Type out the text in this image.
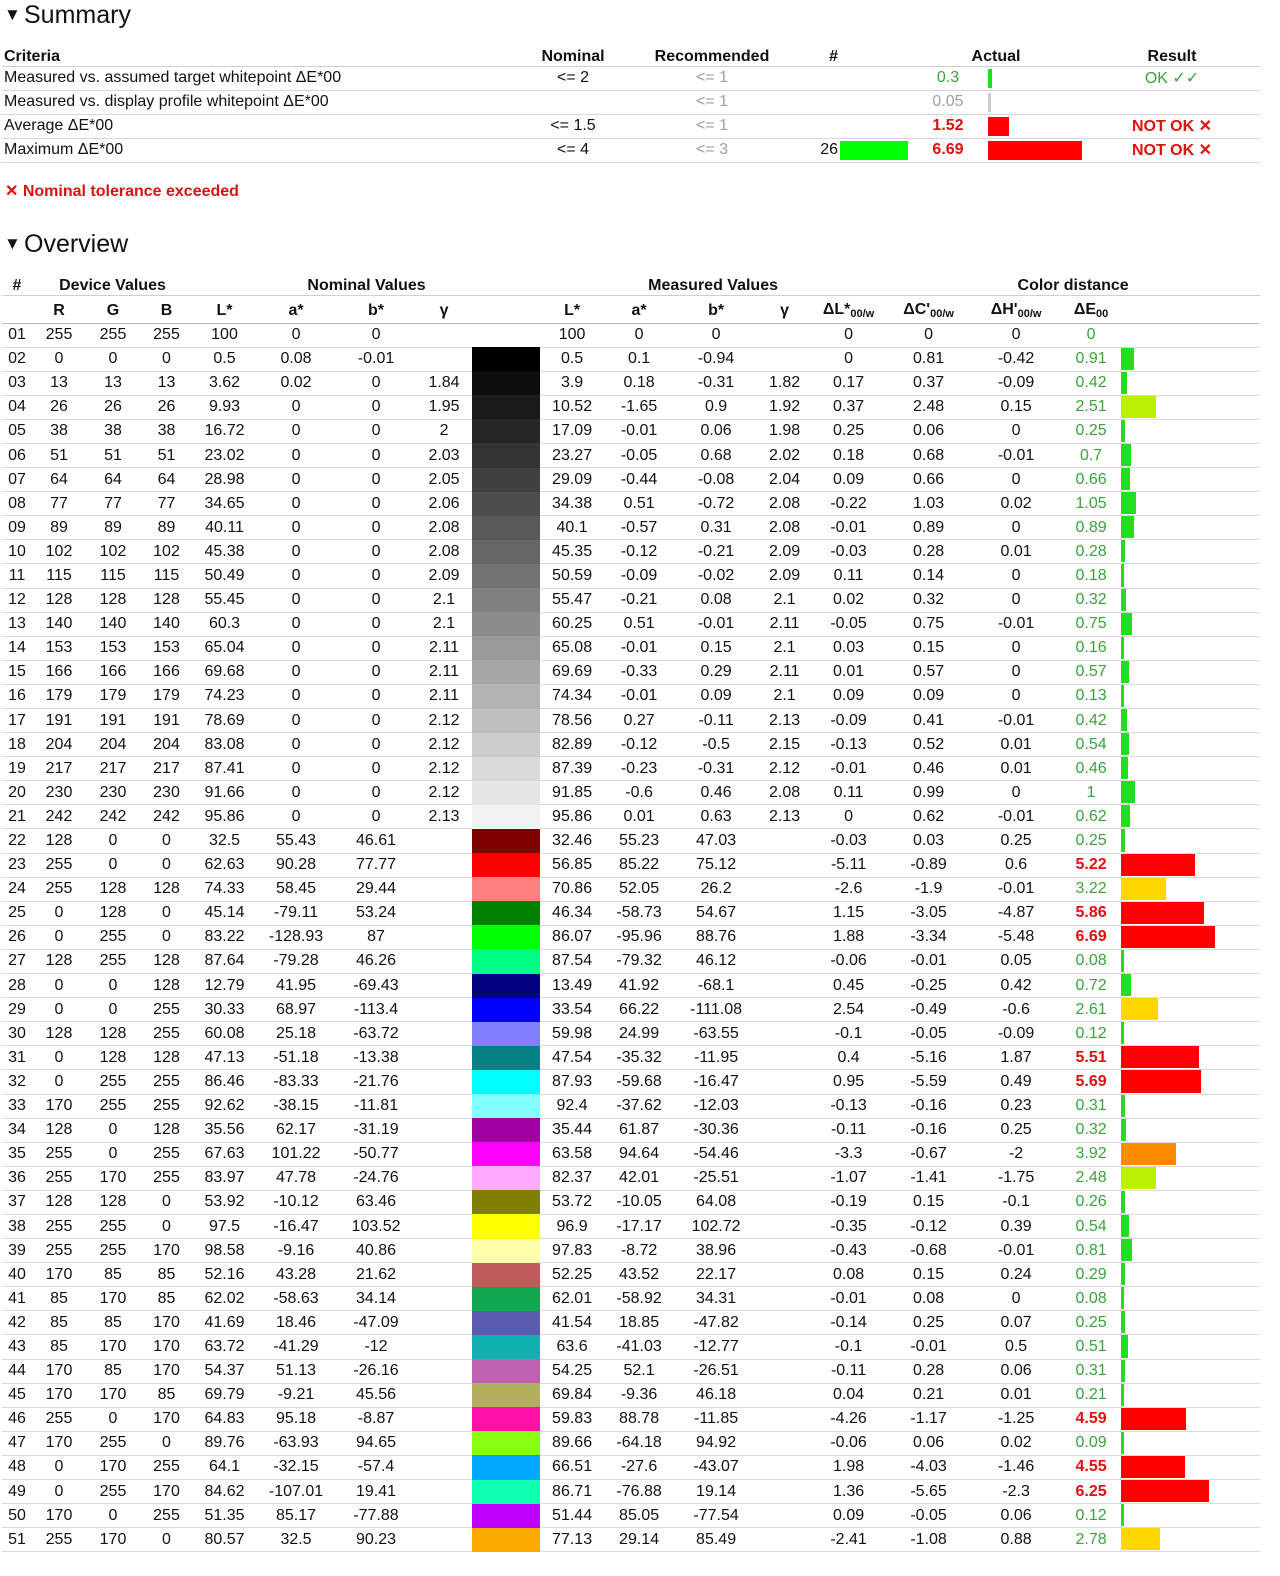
▼ Summary
Criteria	Nominal	Recommended	#		Actual		Result
Measured vs. assumed target whitepoint ΔE*00	<= 2	<= 1			0.3		OK ✓✓
Measured vs. display profile whitepoint ΔE*00		<= 1			0.05	

Average ΔE*00	<= 1.5	<= 1			1.52		NOT OK ✕
Maximum ΔE*00	<= 4	<= 3	26		6.69		NOT OK ✕
✕ Nominal tolerance exceeded
▼ Overview
#	Device Values			Nominal Values					Measured Values					Color distance			
	R	G	B	L*	a*	b*	γ		L*	a*	b*	γ	$\Delta L*_{00/w}$	$\Delta C'_{00/w}$	$\Delta H'_{00/w}$	$\Delta E_{00}$	
01	255	255	255	100	0	0			100	0	0		0	0	0	0	
02	0	0	0	0.5	0.08	-0.01			0.5	0.1	-0.94		0	0.81	-0.42	0.91	

03	13	13	13	3.62	0.02	0	1.84		3.9	0.18	-0.31	1.82	0.17	0.37	-0.09	0.42	

04	26	26	26	9.93	0	0	1.95		10.52	-1.65	0.9	1.92	0.37	2.48	0.15	2.51	

05	38	38	38	16.72	0	0	2		17.09	-0.01	0.06	1.98	0.25	0.06	0	0.25	

06	51	51	51	23.02	0	0	2.03		23.27	-0.05	0.68	2.02	0.18	0.68	-0.01	0.7	

07	64	64	64	28.98	0	0	2.05		29.09	-0.44	-0.08	2.04	0.09	0.66	0	0.66	

08	77	77	77	34.65	0	0	2.06		34.38	0.51	-0.72	2.08	-0.22	1.03	0.02	1.05	

09	89	89	89	40.11	0	0	2.08		40.1	-0.57	0.31	2.08	-0.01	0.89	0	0.89	

10	102	102	102	45.38	0	0	2.08		45.35	-0.12	-0.21	2.09	-0.03	0.28	0.01	0.28	

11	115	115	115	50.49	0	0	2.09		50.59	-0.09	-0.02	2.09	0.11	0.14	0	0.18	

12	128	128	128	55.45	0	0	2.1		55.47	-0.21	0.08	2.1	0.02	0.32	0	0.32	

13	140	140	140	60.3	0	0	2.1		60.25	0.51	-0.01	2.11	-0.05	0.75	-0.01	0.75	

14	153	153	153	65.04	0	0	2.11		65.08	-0.01	0.15	2.1	0.03	0.15	0	0.16	

15	166	166	166	69.68	0	0	2.11		69.69	-0.33	0.29	2.11	0.01	0.57	0	0.57	

16	179	179	179	74.23	0	0	2.11		74.34	-0.01	0.09	2.1	0.09	0.09	0	0.13	

17	191	191	191	78.69	0	0	2.12		78.56	0.27	-0.11	2.13	-0.09	0.41	-0.01	0.42	

18	204	204	204	83.08	0	0	2.12		82.89	-0.12	-0.5	2.15	-0.13	0.52	0.01	0.54	

19	217	217	217	87.41	0	0	2.12		87.39	-0.23	-0.31	2.12	-0.01	0.46	0.01	0.46	

20	230	230	230	91.66	0	0	2.12		91.85	-0.6	0.46	2.08	0.11	0.99	0	1	

21	242	242	242	95.86	0	0	2.13		95.86	0.01	0.63	2.13	0	0.62	-0.01	0.62	

22	128	0	0	32.5	55.43	46.61			32.46	55.23	47.03		-0.03	0.03	0.25	0.25	

23	255	0	0	62.63	90.28	77.77			56.85	85.22	75.12		-5.11	-0.89	0.6	5.22	

24	255	128	128	74.33	58.45	29.44			70.86	52.05	26.2		-2.6	-1.9	-0.01	3.22	

25	0	128	0	45.14	-79.11	53.24			46.34	-58.73	54.67		1.15	-3.05	-4.87	5.86	

26	0	255	0	83.22	-128.93	87			86.07	-95.96	88.76		1.88	-3.34	-5.48	6.69	

27	128	255	128	87.64	-79.28	46.26			87.54	-79.32	46.12		-0.06	-0.01	0.05	0.08	

28	0	0	128	12.79	41.95	-69.43			13.49	41.92	-68.1		0.45	-0.25	0.42	0.72	

29	0	0	255	30.33	68.97	-113.4			33.54	66.22	-111.08		2.54	-0.49	-0.6	2.61	

30	128	128	255	60.08	25.18	-63.72			59.98	24.99	-63.55		-0.1	-0.05	-0.09	0.12	

31	0	128	128	47.13	-51.18	-13.38			47.54	-35.32	-11.95		0.4	-5.16	1.87	5.51	

32	0	255	255	86.46	-83.33	-21.76			87.93	-59.68	-16.47		0.95	-5.59	0.49	5.69	

33	170	255	255	92.62	-38.15	-11.81			92.4	-37.62	-12.03		-0.13	-0.16	0.23	0.31	

34	128	0	128	35.56	62.17	-31.19			35.44	61.87	-30.36		-0.11	-0.16	0.25	0.32	

35	255	0	255	67.63	101.22	-50.77			63.58	94.64	-54.46		-3.3	-0.67	-2	3.92	

36	255	170	255	83.97	47.78	-24.76			82.37	42.01	-25.51		-1.07	-1.41	-1.75	2.48	

37	128	128	0	53.92	-10.12	63.46			53.72	-10.05	64.08		-0.19	0.15	-0.1	0.26	

38	255	255	0	97.5	-16.47	103.52			96.9	-17.17	102.72		-0.35	-0.12	0.39	0.54	

39	255	255	170	98.58	-9.16	40.86			97.83	-8.72	38.96		-0.43	-0.68	-0.01	0.81	

40	170	85	85	52.16	43.28	21.62			52.25	43.52	22.17		0.08	0.15	0.24	0.29	

41	85	170	85	62.02	-58.63	34.14			62.01	-58.92	34.31		-0.01	0.08	0	0.08	

42	85	85	170	41.69	18.46	-47.09			41.54	18.85	-47.82		-0.14	0.25	0.07	0.25	

43	85	170	170	63.72	-41.29	-12			63.6	-41.03	-12.77		-0.1	-0.01	0.5	0.51	

44	170	85	170	54.37	51.13	-26.16			54.25	52.1	-26.51		-0.11	0.28	0.06	0.31	

45	170	170	85	69.79	-9.21	45.56			69.84	-9.36	46.18		0.04	0.21	0.01	0.21	

46	255	0	170	64.83	95.18	-8.87			59.83	88.78	-11.85		-4.26	-1.17	-1.25	4.59	

47	170	255	0	89.76	-63.93	94.65			89.66	-64.18	94.92		-0.06	0.06	0.02	0.09	

48	0	170	255	64.1	-32.15	-57.4			66.51	-27.6	-43.07		1.98	-4.03	-1.46	4.55	

49	0	255	170	84.62	-107.01	19.41			86.71	-76.88	19.14		1.36	-5.65	-2.3	6.25	

50	170	0	255	51.35	85.17	-77.88			51.44	85.05	-77.54		0.09	-0.05	0.06	0.12	

51	255	170	0	80.57	32.5	90.23			77.13	29.14	85.49		-2.41	-1.08	0.88	2.78	
